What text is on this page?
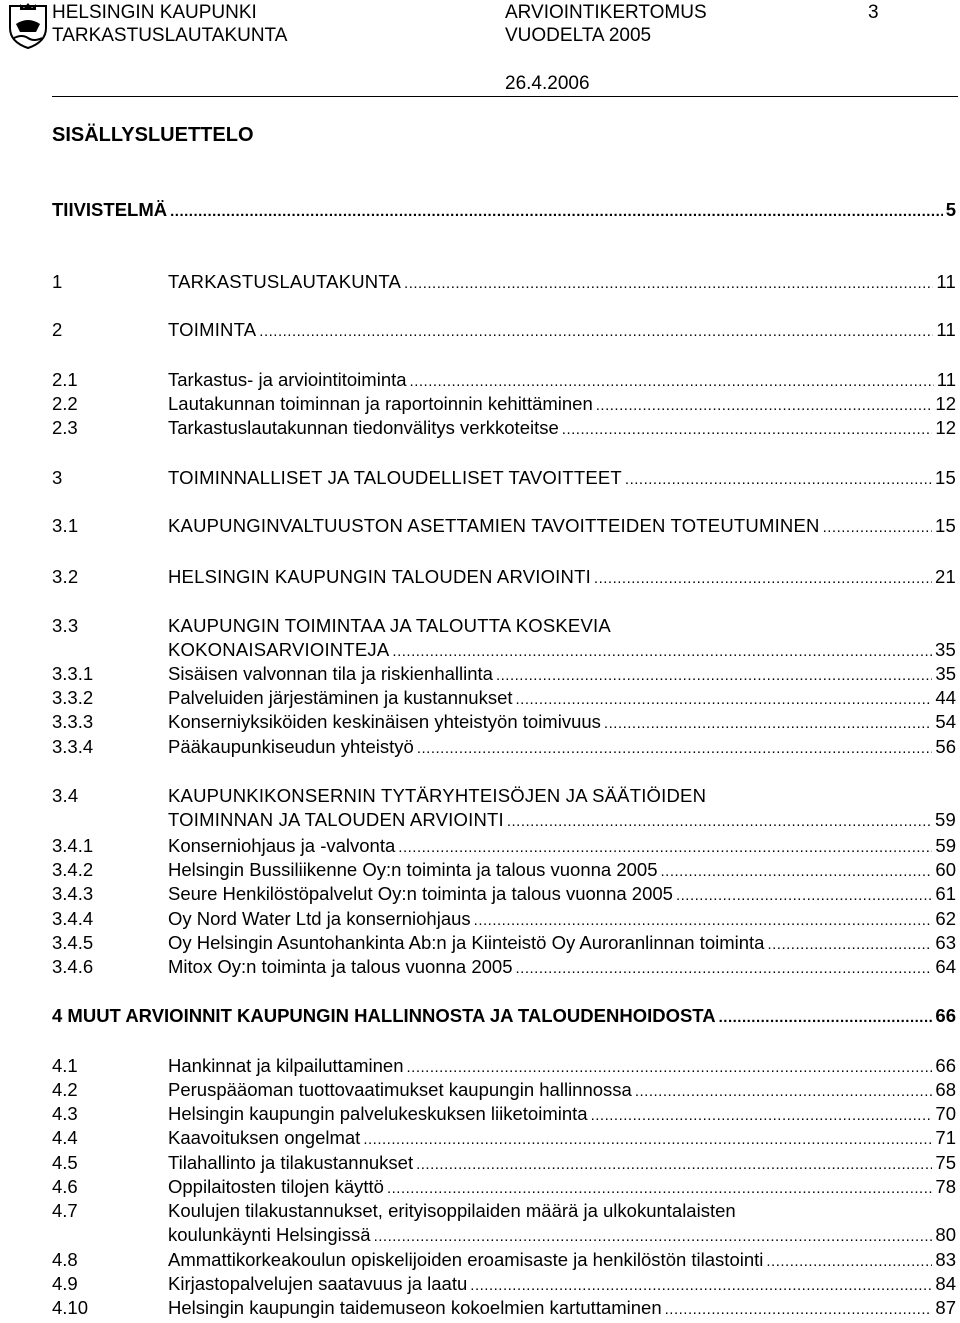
HELSINGIN KAUPUNKI
TARKASTUSLAUTAKUNTA
ARVIOINTIKERTOMUS
VUODELTA 2005
3
26.4.2006
SISÄLLYSLUETTELO
TIIVISTELMÄ .....	5
1	TARKASTUSLAUTAKUNTA .....	11
2	TOIMINTA .....	11
2.1	Tarkastus- ja arviointitoiminta .....	11
2.2	Lautakunnan toiminnan ja raportoinnin kehittäminen .....	12
2.3	Tarkastuslautakunnan tiedonvälitys verkkoteitse .....	12
3	TOIMINNALLISET JA TALOUDELLISET TAVOITTEET .....	15
3.1	KAUPUNGINVALTUUSTON ASETTAMIEN TAVOITTEIDEN TOTEUTUMINEN .....	15
3.2	HELSINGIN KAUPUNGIN TALOUDEN ARVIOINTI .....	21
3.3	KAUPUNGIN TOIMINTAA JA TALOUTTA KOSKEVIA
KOKONAISARVIOINTEJA .....	35
3.3.1	Sisäisen valvonnan tila ja riskienhallinta .....	35
3.3.2	Palveluiden järjestäminen ja kustannukset .....	44
3.3.3	Konserniyksiköiden keskinäisen yhteistyön toimivuus .....	54
3.3.4	Pääkaupunkiseudun yhteistyö .....	56
3.4	KAUPUNKIKONSERNIN TYTÄRYHTEISÖJEN JA SÄÄTIÖIDEN
TOIMINNAN JA TALOUDEN ARVIOINTI .....	59
3.4.1	Konserniohjaus ja -valvonta .....	59
3.4.2	Helsingin Bussiliikenne Oy:n toiminta ja talous vuonna 2005 .....	60
3.4.3	Seure Henkilöstöpalvelut Oy:n toiminta ja talous vuonna 2005 .....	61
3.4.4	Oy Nord Water Ltd ja konserniohjaus .....	62
3.4.5	Oy Helsingin Asuntohankinta Ab:n ja Kiinteistö Oy Auroranlinnan toiminta .....	63
3.4.6	Mitox Oy:n toiminta ja talous vuonna 2005 .....	64
4 MUUT ARVIOINNIT KAUPUNGIN HALLINNOSTA JA TALOUDENHOIDOSTA .....	66
4.1	Hankinnat ja kilpailuttaminen .....	66
4.2	Peruspääoman tuottovaatimukset kaupungin hallinnossa .....	68
4.3	Helsingin kaupungin palvelukeskuksen liiketoiminta .....	70
4.4	Kaavoituksen ongelmat .....	71
4.5	Tilahallinto ja tilakustannukset .....	75
4.6	Oppilaitosten tilojen käyttö .....	78
4.7	Koulujen tilakustannukset, erityisoppilaiden määrä ja ulkokuntalaisten
koulunkäynti Helsingissä .....	80
4.8	Ammattikorkeakoulun opiskelijoiden eroamisaste ja henkilöstön tilastointi .....	83
4.9	Kirjastopalvelujen saatavuus ja laatu .....	84
4.10	Helsingin kaupungin taidemuseon kokoelmien kartuttaminen .....	87
